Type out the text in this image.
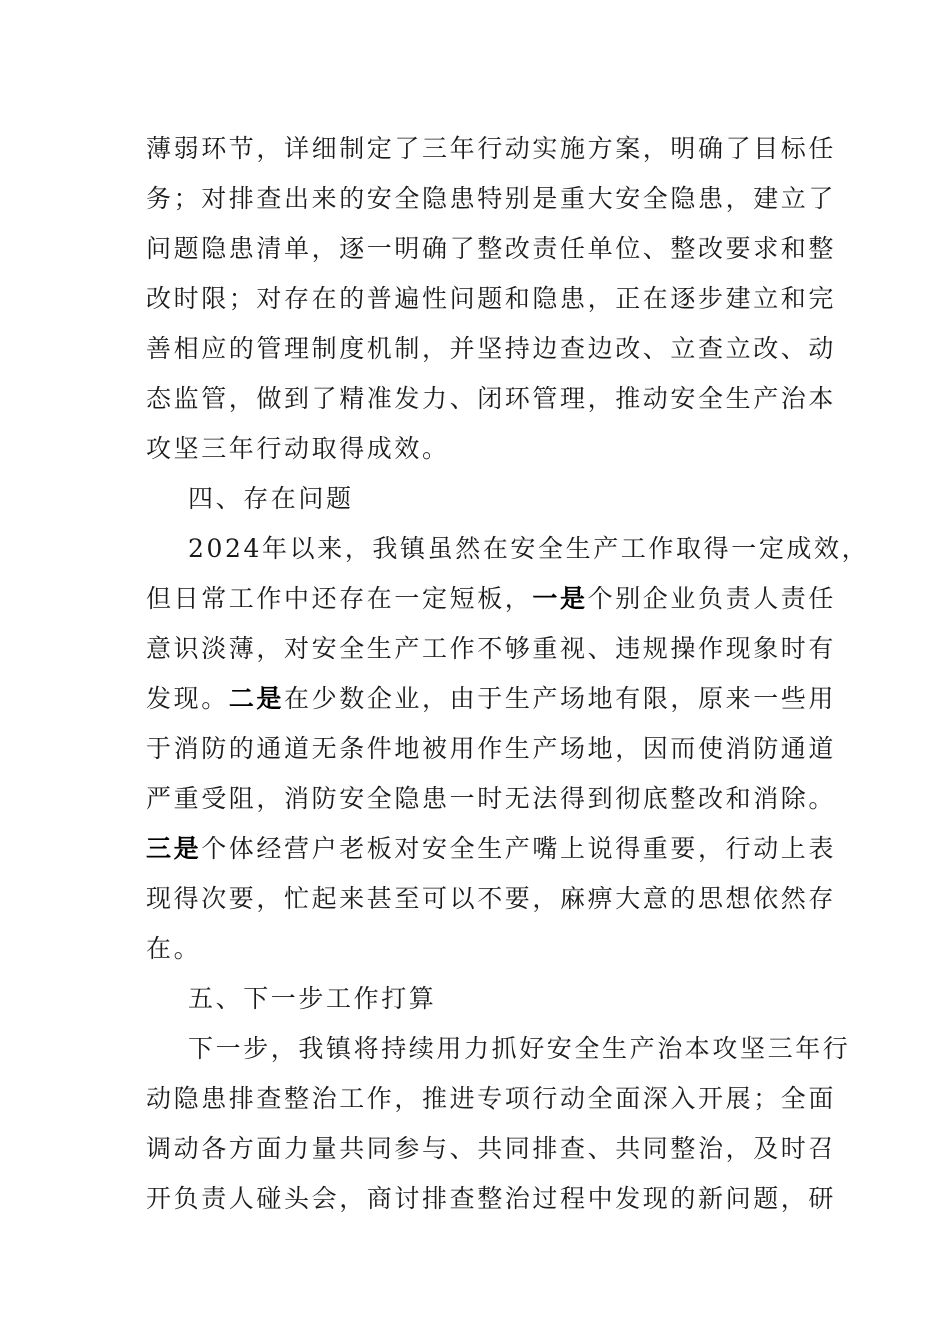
薄弱环节，详细制定了三年行动实施方案，明确了目标任
务；对排查出来的安全隐患特别是重大安全隐患，建立了
问题隐患清单，逐一明确了整改责任单位、整改要求和整
改时限；对存在的普遍性问题和隐患，正在逐步建立和完
善相应的管理制度机制，并坚持边查边改、立查立改、动
态监管，做到了精准发力、闭环管理，推动安全生产治本
攻坚三年行动取得成效。
四、存在问题
2024年以来，我镇虽然在安全生产工作取得一定成效，
但日常工作中还存在一定短板，一是个别企业负责人责任
意识淡薄，对安全生产工作不够重视、违规操作现象时有
发现。二是在少数企业，由于生产场地有限，原来一些用
于消防的通道无条件地被用作生产场地，因而使消防通道
严重受阻，消防安全隐患一时无法得到彻底整改和消除。
三是个体经营户老板对安全生产嘴上说得重要，行动上表
现得次要，忙起来甚至可以不要，麻痹大意的思想依然存
在。
五、下一步工作打算
下一步，我镇将持续用力抓好安全生产治本攻坚三年行
动隐患排查整治工作，推进专项行动全面深入开展；全面
调动各方面力量共同参与、共同排查、共同整治，及时召
开负责人碰头会，商讨排查整治过程中发现的新问题，研
